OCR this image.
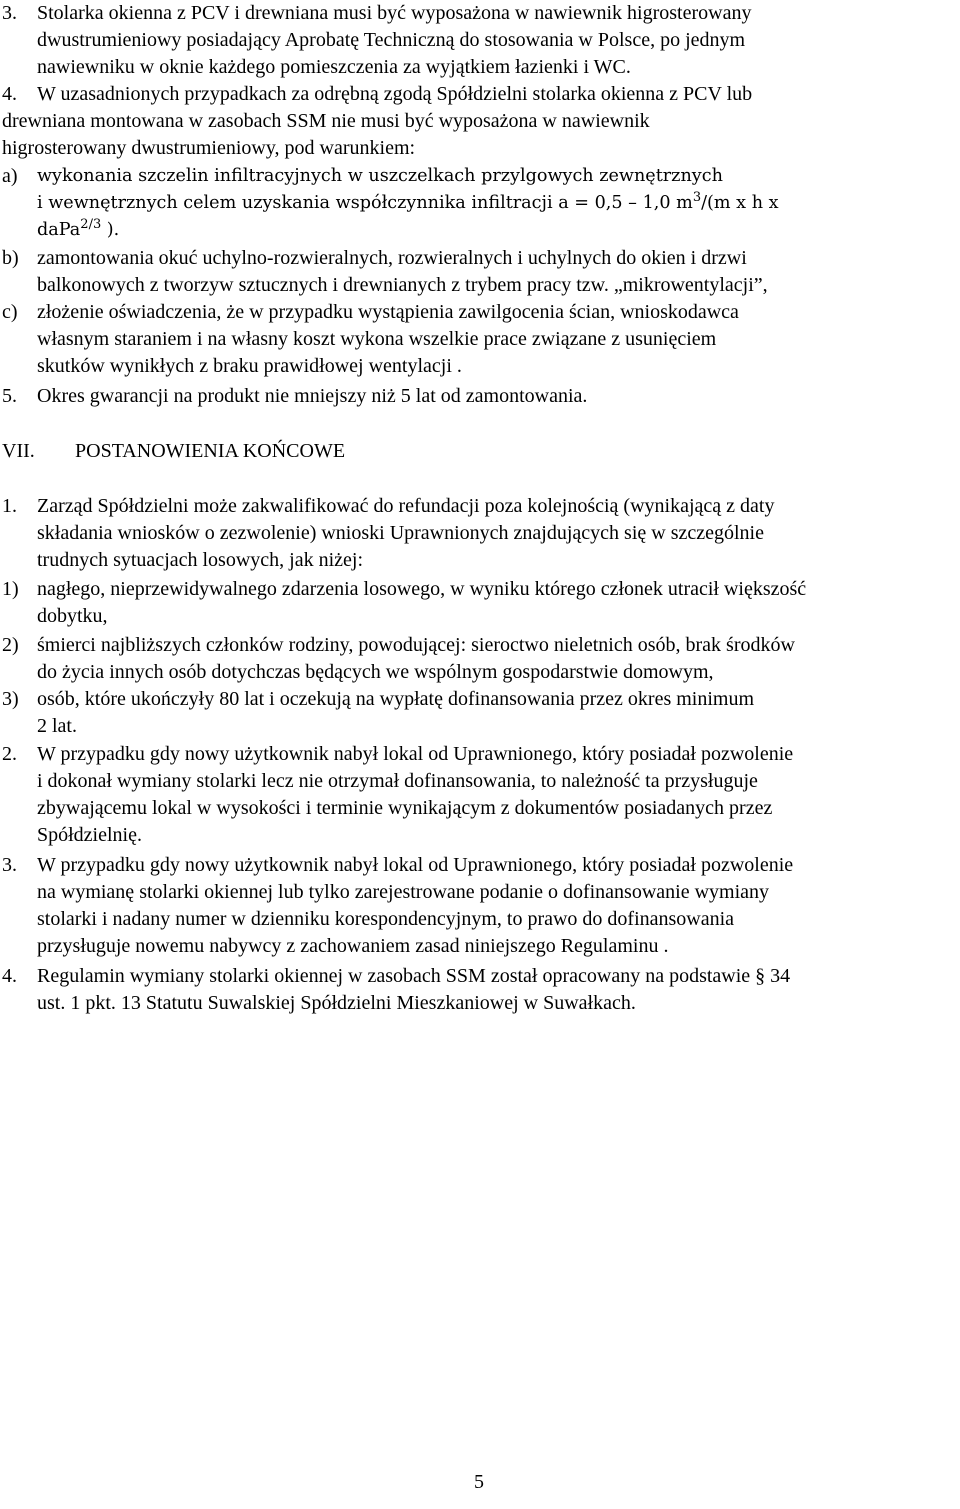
3. Stolarka okienna z PCV i drewniana musi być wyposażona w nawiewnik higrosterowany
dwustrumieniowy posiadający Aprobatę Techniczną do stosowania w Polsce, po jednym
nawiewniku w oknie każdego pomieszczenia za wyjątkiem łazienki i WC.
4. W uzasadnionych przypadkach za odrębną zgodą Spółdzielni stolarka okienna z PCV lub
drewniana montowana w zasobach SSM nie musi być wyposażona w nawiewnik
higrosterowany dwustrumieniowy, pod warunkiem:
a) wykonania szczelin infiltracyjnych w uszczelkach przylgowych zewnętrznych
i wewnętrznych celem uzyskania współczynnika infiltracji a = 0,5 – 1,0 $m^3/(m$ x h x
daPa$^{2/3}$ ).
b) zamontowania okuć uchylno-rozwieralnych, rozwieralnych i uchylnych do okien i drzwi
balkonowych z tworzyw sztucznych i drewnianych z trybem pracy tzw. „mikrowentylacji”,
c) złożenie oświadczenia, że w przypadku wystąpienia zawilgocenia ścian, wnioskodawca
własnym staraniem i na własny koszt wykona wszelkie prace związane z usunięciem
skutków wynikłych z braku prawidłowej wentylacji .
5. Okres gwarancji na produkt nie mniejszy niż 5 lat od zamontowania.
VII. POSTANOWIENIA KOŃCOWE
1. Zarząd Spółdzielni może zakwalifikować do refundacji poza kolejnością (wynikającą z daty
składania wniosków o zezwolenie) wnioski Uprawnionych znajdujących się w szczególnie
trudnych sytuacjach losowych, jak niżej:
1) nagłego, nieprzewidywalnego zdarzenia losowego, w wyniku którego członek utracił większość
dobytku,
2) śmierci najbliższych członków rodziny, powodującej: sieroctwo nieletnich osób, brak środków
do życia innych osób dotychczas będących we wspólnym gospodarstwie domowym,
3) osób, które ukończyły 80 lat i oczekują na wypłatę dofinansowania przez okres minimum
2 lat.
2. W przypadku gdy nowy użytkownik nabył lokal od Uprawnionego, który posiadał pozwolenie
i dokonał wymiany stolarki lecz nie otrzymał dofinansowania, to należność ta przysługuje
zbywającemu lokal w wysokości i terminie wynikającym z dokumentów posiadanych przez
Spółdzielnię.
3. W przypadku gdy nowy użytkownik nabył lokal od Uprawnionego, który posiadał pozwolenie
na wymianę stolarki okiennej lub tylko zarejestrowane podanie o dofinansowanie wymiany
stolarki i nadany numer w dzienniku korespondencyjnym, to prawo do dofinansowania
przysługuje nowemu nabywcy z zachowaniem zasad niniejszego Regulaminu .
4. Regulamin wymiany stolarki okiennej w zasobach SSM został opracowany na podstawie § 34
ust. 1 pkt. 13 Statutu Suwalskiej Spółdzielni Mieszkaniowej w Suwałkach.
5
